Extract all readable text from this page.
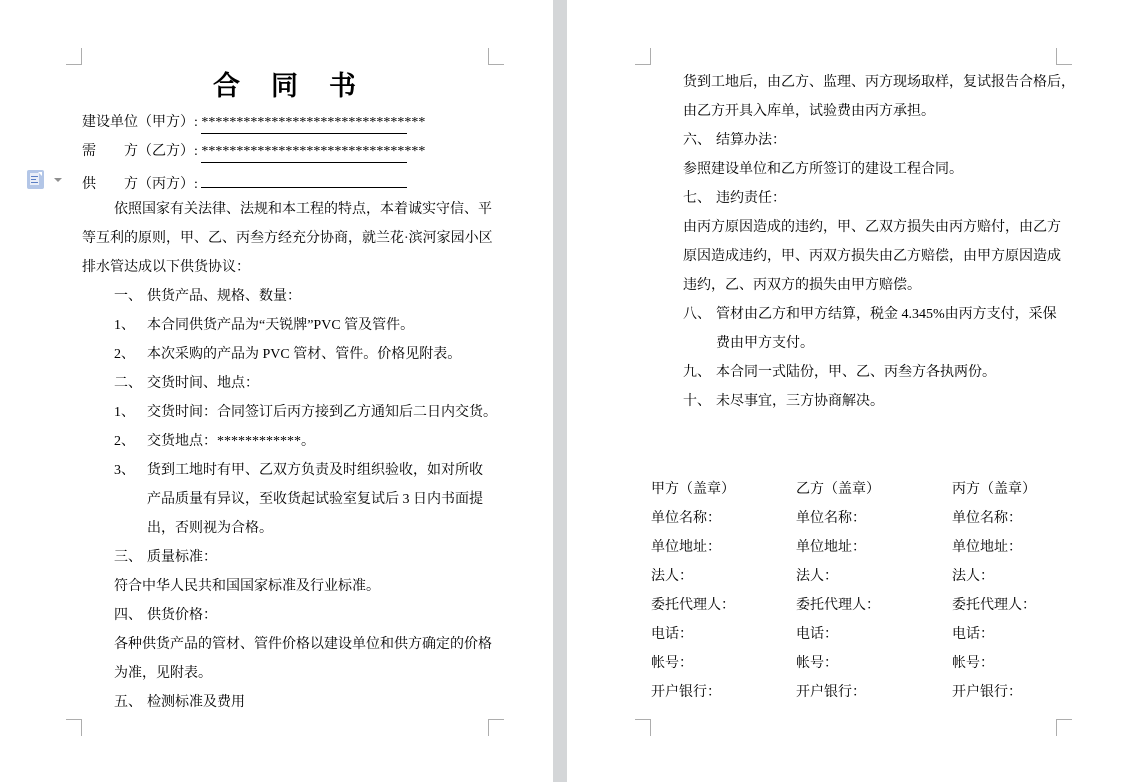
合　同　书
建设单位（甲方）: ********************************
需　　方（乙方）: ********************************
供　　方（丙方）:
依照国家有关法律、法规和本工程的特点，本着诚实守信、平
等互利的原则，甲、乙、丙叁方经充分协商，就兰花·滨河家园小区
排水管达成以下供货协议：
一、 供货产品、规格、数量：
1、 本合同供货产品为“天锐牌”PVC 管及管件。
2、 本次采购的产品为 PVC 管材、管件。价格见附表。
二、 交货时间、地点：
1、 交货时间：合同签订后丙方接到乙方通知后二日内交货。
2、 交货地点：************。
3、 货到工地时有甲、乙双方负责及时组织验收，如对所收
产品质量有异议，至收货起试验室复试后 3 日内书面提
出，否则视为合格。
三、 质量标准：
符合中华人民共和国国家标准及行业标准。
四、 供货价格：
各种供货产品的管材、管件价格以建设单位和供方确定的价格
为准，见附表。
五、 检测标准及费用
货到工地后，由乙方、监理、丙方现场取样，复试报告合格后，
由乙方开具入库单，试验费由丙方承担。
六、 结算办法：
参照建设单位和乙方所签订的建设工程合同。
七、 违约责任：
由丙方原因造成的违约，甲、乙双方损失由丙方赔付，由乙方
原因造成违约，甲、丙双方损失由乙方赔偿，由甲方原因造成
违约，乙、丙双方的损失由甲方赔偿。
八、 管材由乙方和甲方结算，税金 4.345%由丙方支付，采保
费由甲方支付。
九、 本合同一式陆份，甲、乙、丙叁方各执两份。
十、 未尽事宜，三方协商解决。
甲方（盖章）	乙方（盖章）	丙方（盖章）
单位名称：	单位名称：	单位名称：
单位地址：	单位地址：	单位地址：
法人：	法人：	法人：
委托代理人：	委托代理人：	委托代理人：
电话：	电话：	电话：
帐号：	帐号：	帐号：
开户银行：	开户银行：	开户银行：
